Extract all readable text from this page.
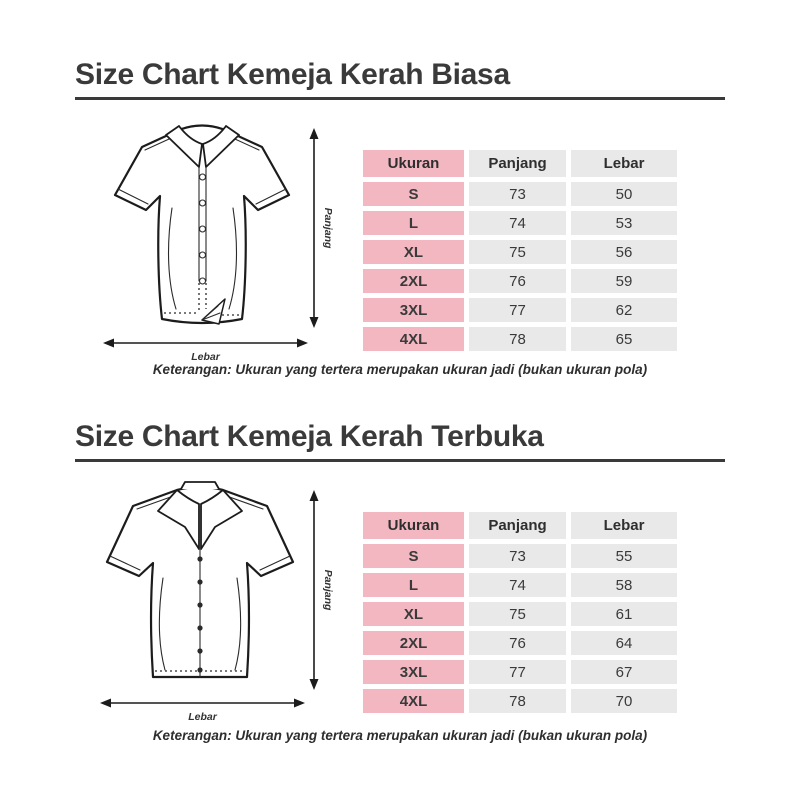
Size Chart Kemeja Kerah Biasa
Panjang
Lebar
Ukuran	Panjang	Lebar
S	73	50
L	74	53
XL	75	56
2XL	76	59
3XL	77	62
4XL	78	65

Keterangan: Ukuran yang tertera merupakan ukuran jadi (bukan ukuran pola)

Size Chart Kemeja Kerah Terbuka
Panjang
Lebar
Ukuran	Panjang	Lebar
S	73	55
L	74	58
XL	75	61
2XL	76	64
3XL	77	67
4XL	78	70

Keterangan: Ukuran yang tertera merupakan ukuran jadi (bukan ukuran pola)
